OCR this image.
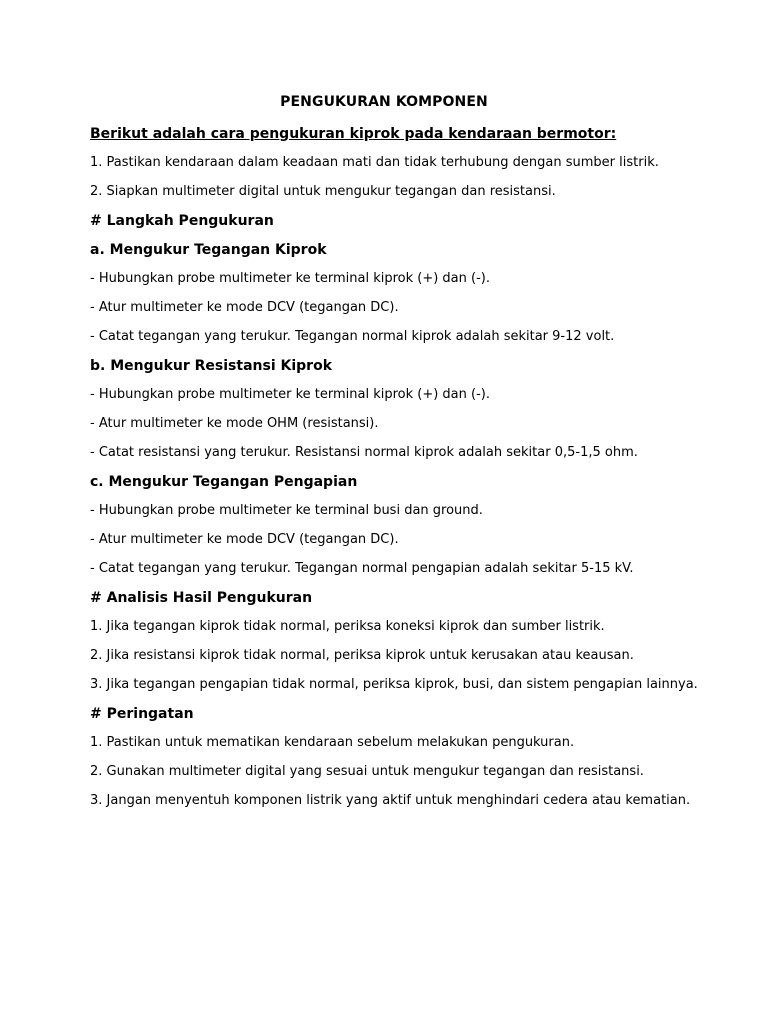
PENGUKURAN KOMPONEN
Berikut adalah cara pengukuran kiprok pada kendaraan bermotor:
1. Pastikan kendaraan dalam keadaan mati dan tidak terhubung dengan sumber listrik.
2. Siapkan multimeter digital untuk mengukur tegangan dan resistansi.
# Langkah Pengukuran
a. Mengukur Tegangan Kiprok
- Hubungkan probe multimeter ke terminal kiprok (+) dan (-).
- Atur multimeter ke mode DCV (tegangan DC).
- Catat tegangan yang terukur. Tegangan normal kiprok adalah sekitar 9-12 volt.
b. Mengukur Resistansi Kiprok
- Hubungkan probe multimeter ke terminal kiprok (+) dan (-).
- Atur multimeter ke mode OHM (resistansi).
- Catat resistansi yang terukur. Resistansi normal kiprok adalah sekitar 0,5-1,5 ohm.
c. Mengukur Tegangan Pengapian
- Hubungkan probe multimeter ke terminal busi dan ground.
- Atur multimeter ke mode DCV (tegangan DC).
- Catat tegangan yang terukur. Tegangan normal pengapian adalah sekitar 5-15 kV.
# Analisis Hasil Pengukuran
1. Jika tegangan kiprok tidak normal, periksa koneksi kiprok dan sumber listrik.
2. Jika resistansi kiprok tidak normal, periksa kiprok untuk kerusakan atau keausan.
3. Jika tegangan pengapian tidak normal, periksa kiprok, busi, dan sistem pengapian lainnya.
# Peringatan
1. Pastikan untuk mematikan kendaraan sebelum melakukan pengukuran.
2. Gunakan multimeter digital yang sesuai untuk mengukur tegangan dan resistansi.
3. Jangan menyentuh komponen listrik yang aktif untuk menghindari cedera atau kematian.
